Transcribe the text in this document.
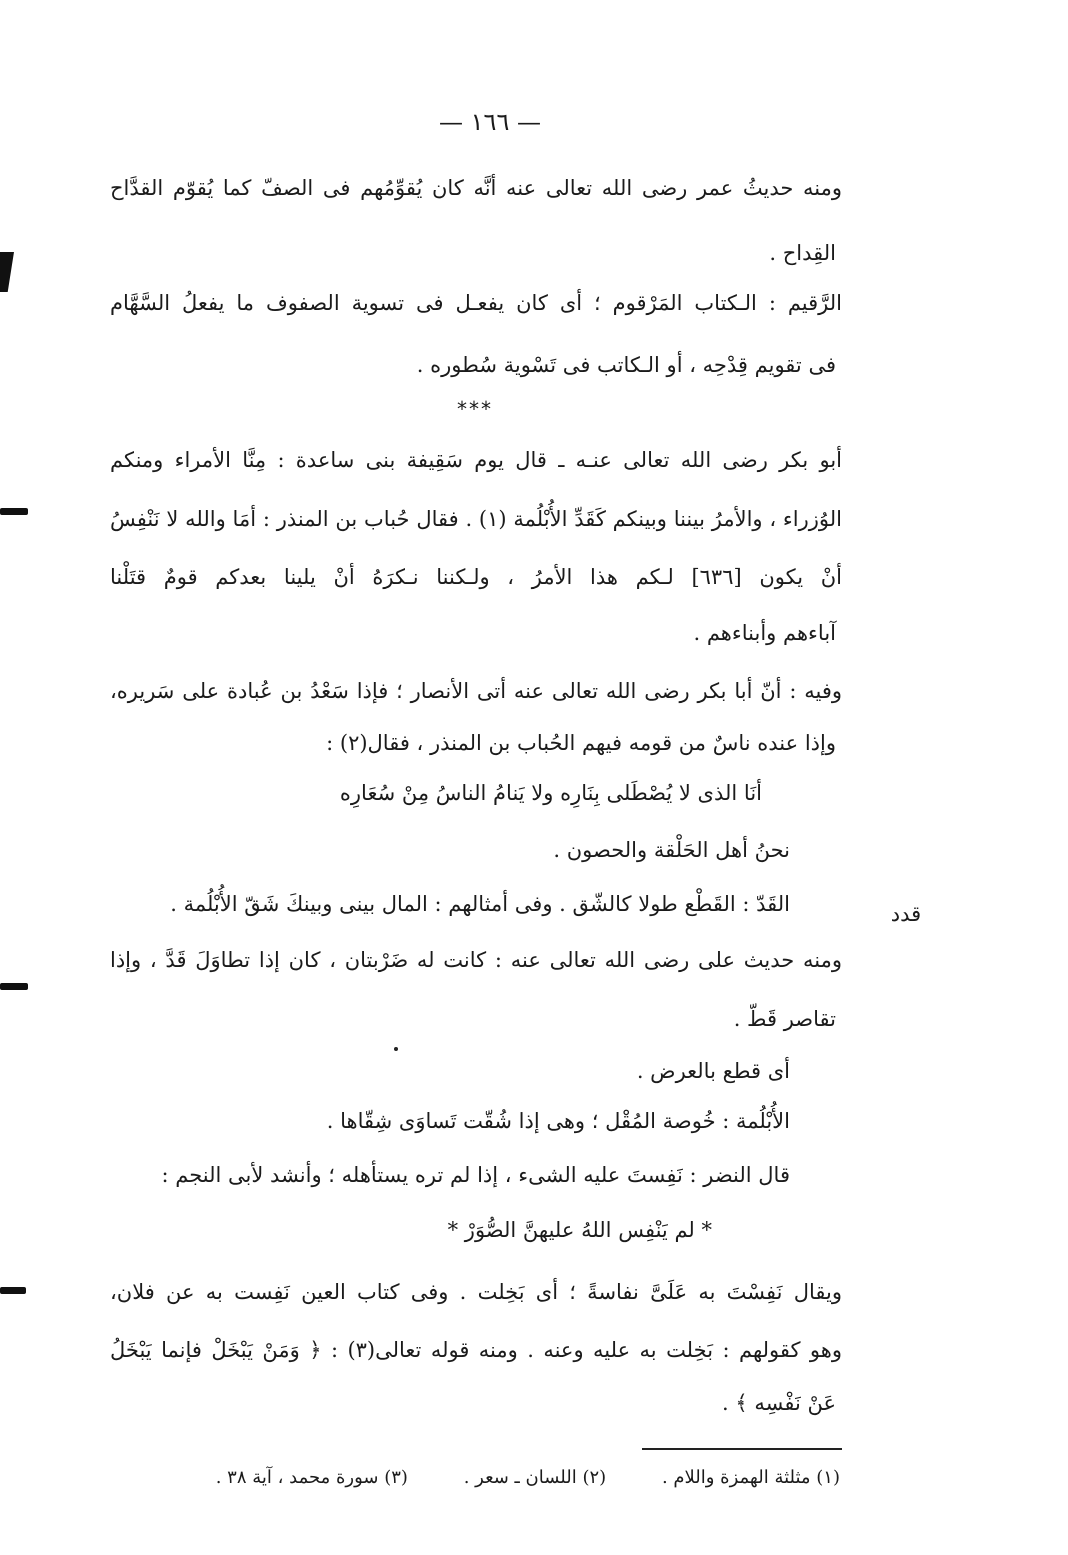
— ١٦٦ —

ومنه حديثُ عمر رضى الله تعالى عنه أنَّه كان يُقوِّمُهم فى الصفّ كما يُقوّم القدَّاح

القِداح .

الرَّقيم : الـكتاب المَرْقوم ؛ أى كان يفعـل فى تسوية الصفوف ما يفعلُ السَّهَّام

فى تقويم قِدْحِه ، أو الـكاتب فى تَسْوية سُطوره .

***

أبو بكر رضى الله تعالى عنـه ـ قال يوم سَقِيفة بنى ساعدة : مِنَّا الأمراء ومنكم

الوُزراء ، والأمرُ بيننا وبينكم كَقَدِّ الأُبْلُمة (١) . فقال حُباب بن المنذر : أمَا والله لا نَنْفِسُ

أنْ يكون [٦٣٦] لـكم هذا الأمرُ ، ولـكننا نـكرَهُ أنْ يلينا بعدكم قومٌ قتَلْنا

آباءهم وأبناءهم .

وفيه : أنّ أبا بكر رضى الله تعالى عنه أتى الأنصار ؛ فإذا سَعْدُ بن عُبادة على سَريره،

وإذا عنده ناسٌ من قومه فيهم الحُباب بن المنذر ، فقال(٢) :

أنَا الذى لا يُصْطَلى بِنَارِه ولا يَنامُ الناسُ مِنْ سُعَارِه

نحنُ أهل الحَلْقة والحصون .

القَدّ : القَطْع طولا كالشّق . وفى أمثالهم : المال بينى وبينكَ شَقّ الأُبْلُمة .	قدد

ومنه حديث على رضى الله تعالى عنه : كانت له ضَرْبتان ، كان إذا تطاوَلَ قَدَّ ، وإذا

تقاصر قَطّ .

أى قطع بالعرض .

الأُبْلُمة : خُوصة المُقْل ؛ وهى إذا شُقّت تَساوَى شِقّاها .

قال النضر : نَفِستَ عليه الشىء ، إذا لم تره يستأهله ؛ وأنشد لأبى النجم :

* لم يَنْفِس اللهُ عليهنَّ الصُّوَرْ *

ويقال نَفِسْتَ به عَلَىَّ نفاسةً ؛ أى بَخِلت . وفى كتاب العين نَفِست به عن فلان،

وهو كقولهم : بَخِلت به عليه وعنه . ومنه قوله تعالى(٣) : ﴿ وَمَنْ يَبْخَلْ فإنما يَبْخَلُ

عَنْ نَفْسِه ﴾ .

(١) مثلثة الهمزة واللام . (٢) اللسان ـ سعر . (٣) سورة محمد ، آية ٣٨ .
